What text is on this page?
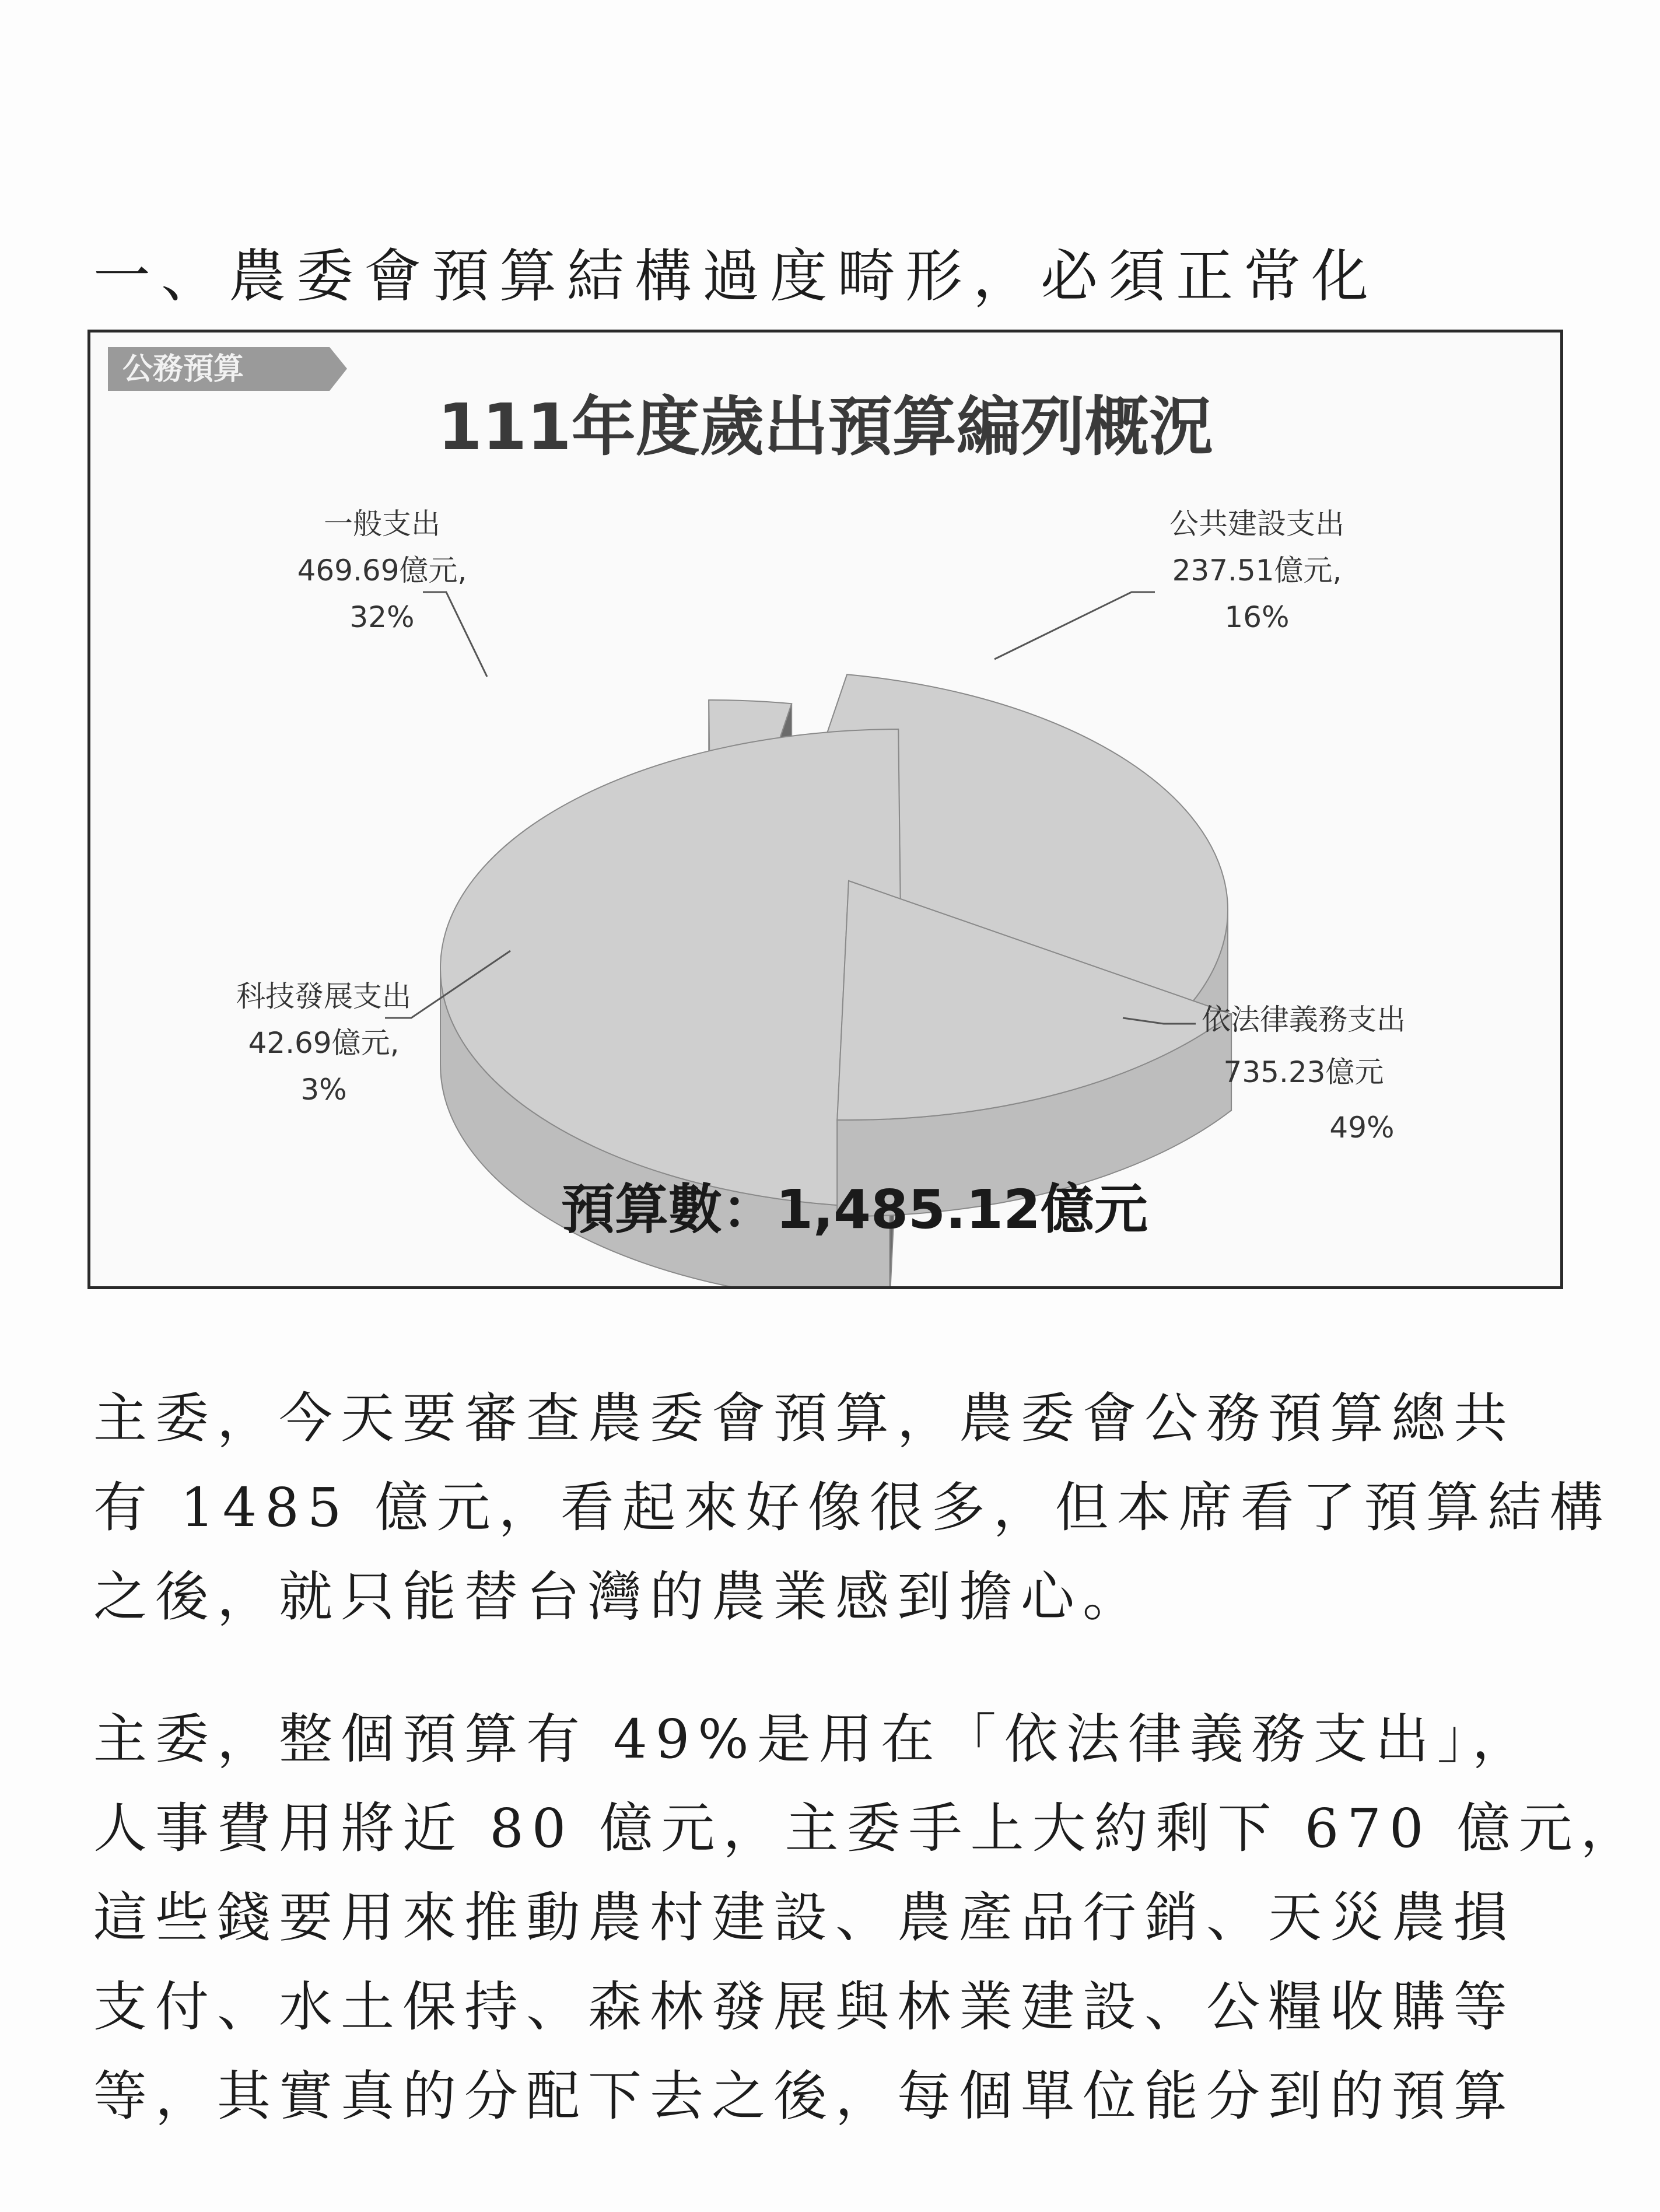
一、農委會預算結構過度畸形，必須正常化
公務預算
111年度歲出預算編列概況
一般支出
469.69億元,
32%
公共建設支出
237.51億元,
16%
科技發展支出
42.69億元,
3%
依法律義務支出
735.23億元
49%
預算數：1,485.12億元
主委，今天要審查農委會預算，農委會公務預算總共
有 1485 億元，看起來好像很多，但本席看了預算結構
之後，就只能替台灣的農業感到擔心。
主委，整個預算有 49%是用在「依法律義務支出」，
人事費用將近 80 億元，主委手上大約剩下 670 億元，
這些錢要用來推動農村建設、農產品行銷、天災農損
支付、水土保持、森林發展與林業建設、公糧收購等
等，其實真的分配下去之後，每個單位能分到的預算
